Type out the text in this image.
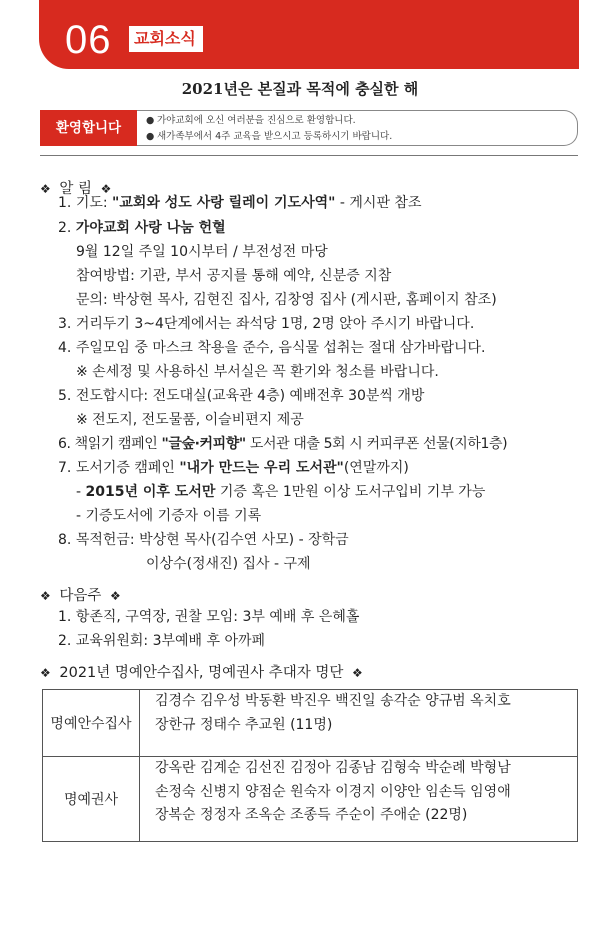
06	교회소식
2021년은 본질과 목적에 충실한 해
환영합니다	● 가야교회에 오신 여러분을 진심으로 환영합니다.
● 새가족부에서 4주 교육을 받으시고 등록하시기 바랍니다.
❖ 알 림 ❖
1. 기도: "교회와 성도 사랑 릴레이 기도사역" - 게시판 참조
2. 가야교회 사랑 나눔 헌혈
9월 12일 주일 10시부터 / 부전성전 마당
참여방법: 기관, 부서 공지를 통해 예약, 신분증 지참
문의: 박상현 목사, 김현진 집사, 김창영 집사 (게시판, 홈페이지 참조)
3. 거리두기 3~4단계에서는 좌석당 1명, 2명 앉아 주시기 바랍니다.
4. 주일모임 중 마스크 착용을 준수, 음식물 섭취는 절대 삼가바랍니다.
※ 손세정 및 사용하신 부서실은 꼭 환기와 청소를 바랍니다.
5. 전도합시다: 전도대실(교육관 4층) 예배전후 30분씩 개방
※ 전도지, 전도물품, 이슬비편지 제공
6. 책읽기 캠페인 "글숲·커피향" 도서관 대출 5회 시 커피쿠폰 선물(지하1층)
7. 도서기증 캠페인 "내가 만드는 우리 도서관"(연말까지)
- 2015년 이후 도서만 기증 혹은 1만원 이상 도서구입비 기부 가능
- 기증도서에 기증자 이름 기록
8. 목적헌금: 박상현 목사(김수연 사모) - 장학금
이상수(정새진) 집사 - 구제
❖ 다음주 ❖
1. 항존직, 구역장, 권찰 모임: 3부 예배 후 은혜홀
2. 교육위원회: 3부예배 후 아까페
❖ 2021년 명예안수집사, 명예권사 추대자 명단 ❖
명예안수집사	김경수 김우성 박동환 박진우 백진일 송각순 양규범 옥치호
장한규 정태수 추교원 (11명)

명예권사	강옥란 김계순 김선진 김정아 김종남 김형숙 박순례 박형남
손정숙 신병지 양점순 원숙자 이경지 이양안 임손득 임영애
장복순 정정자 조옥순 조종득 주순이 주애순 (22명)
